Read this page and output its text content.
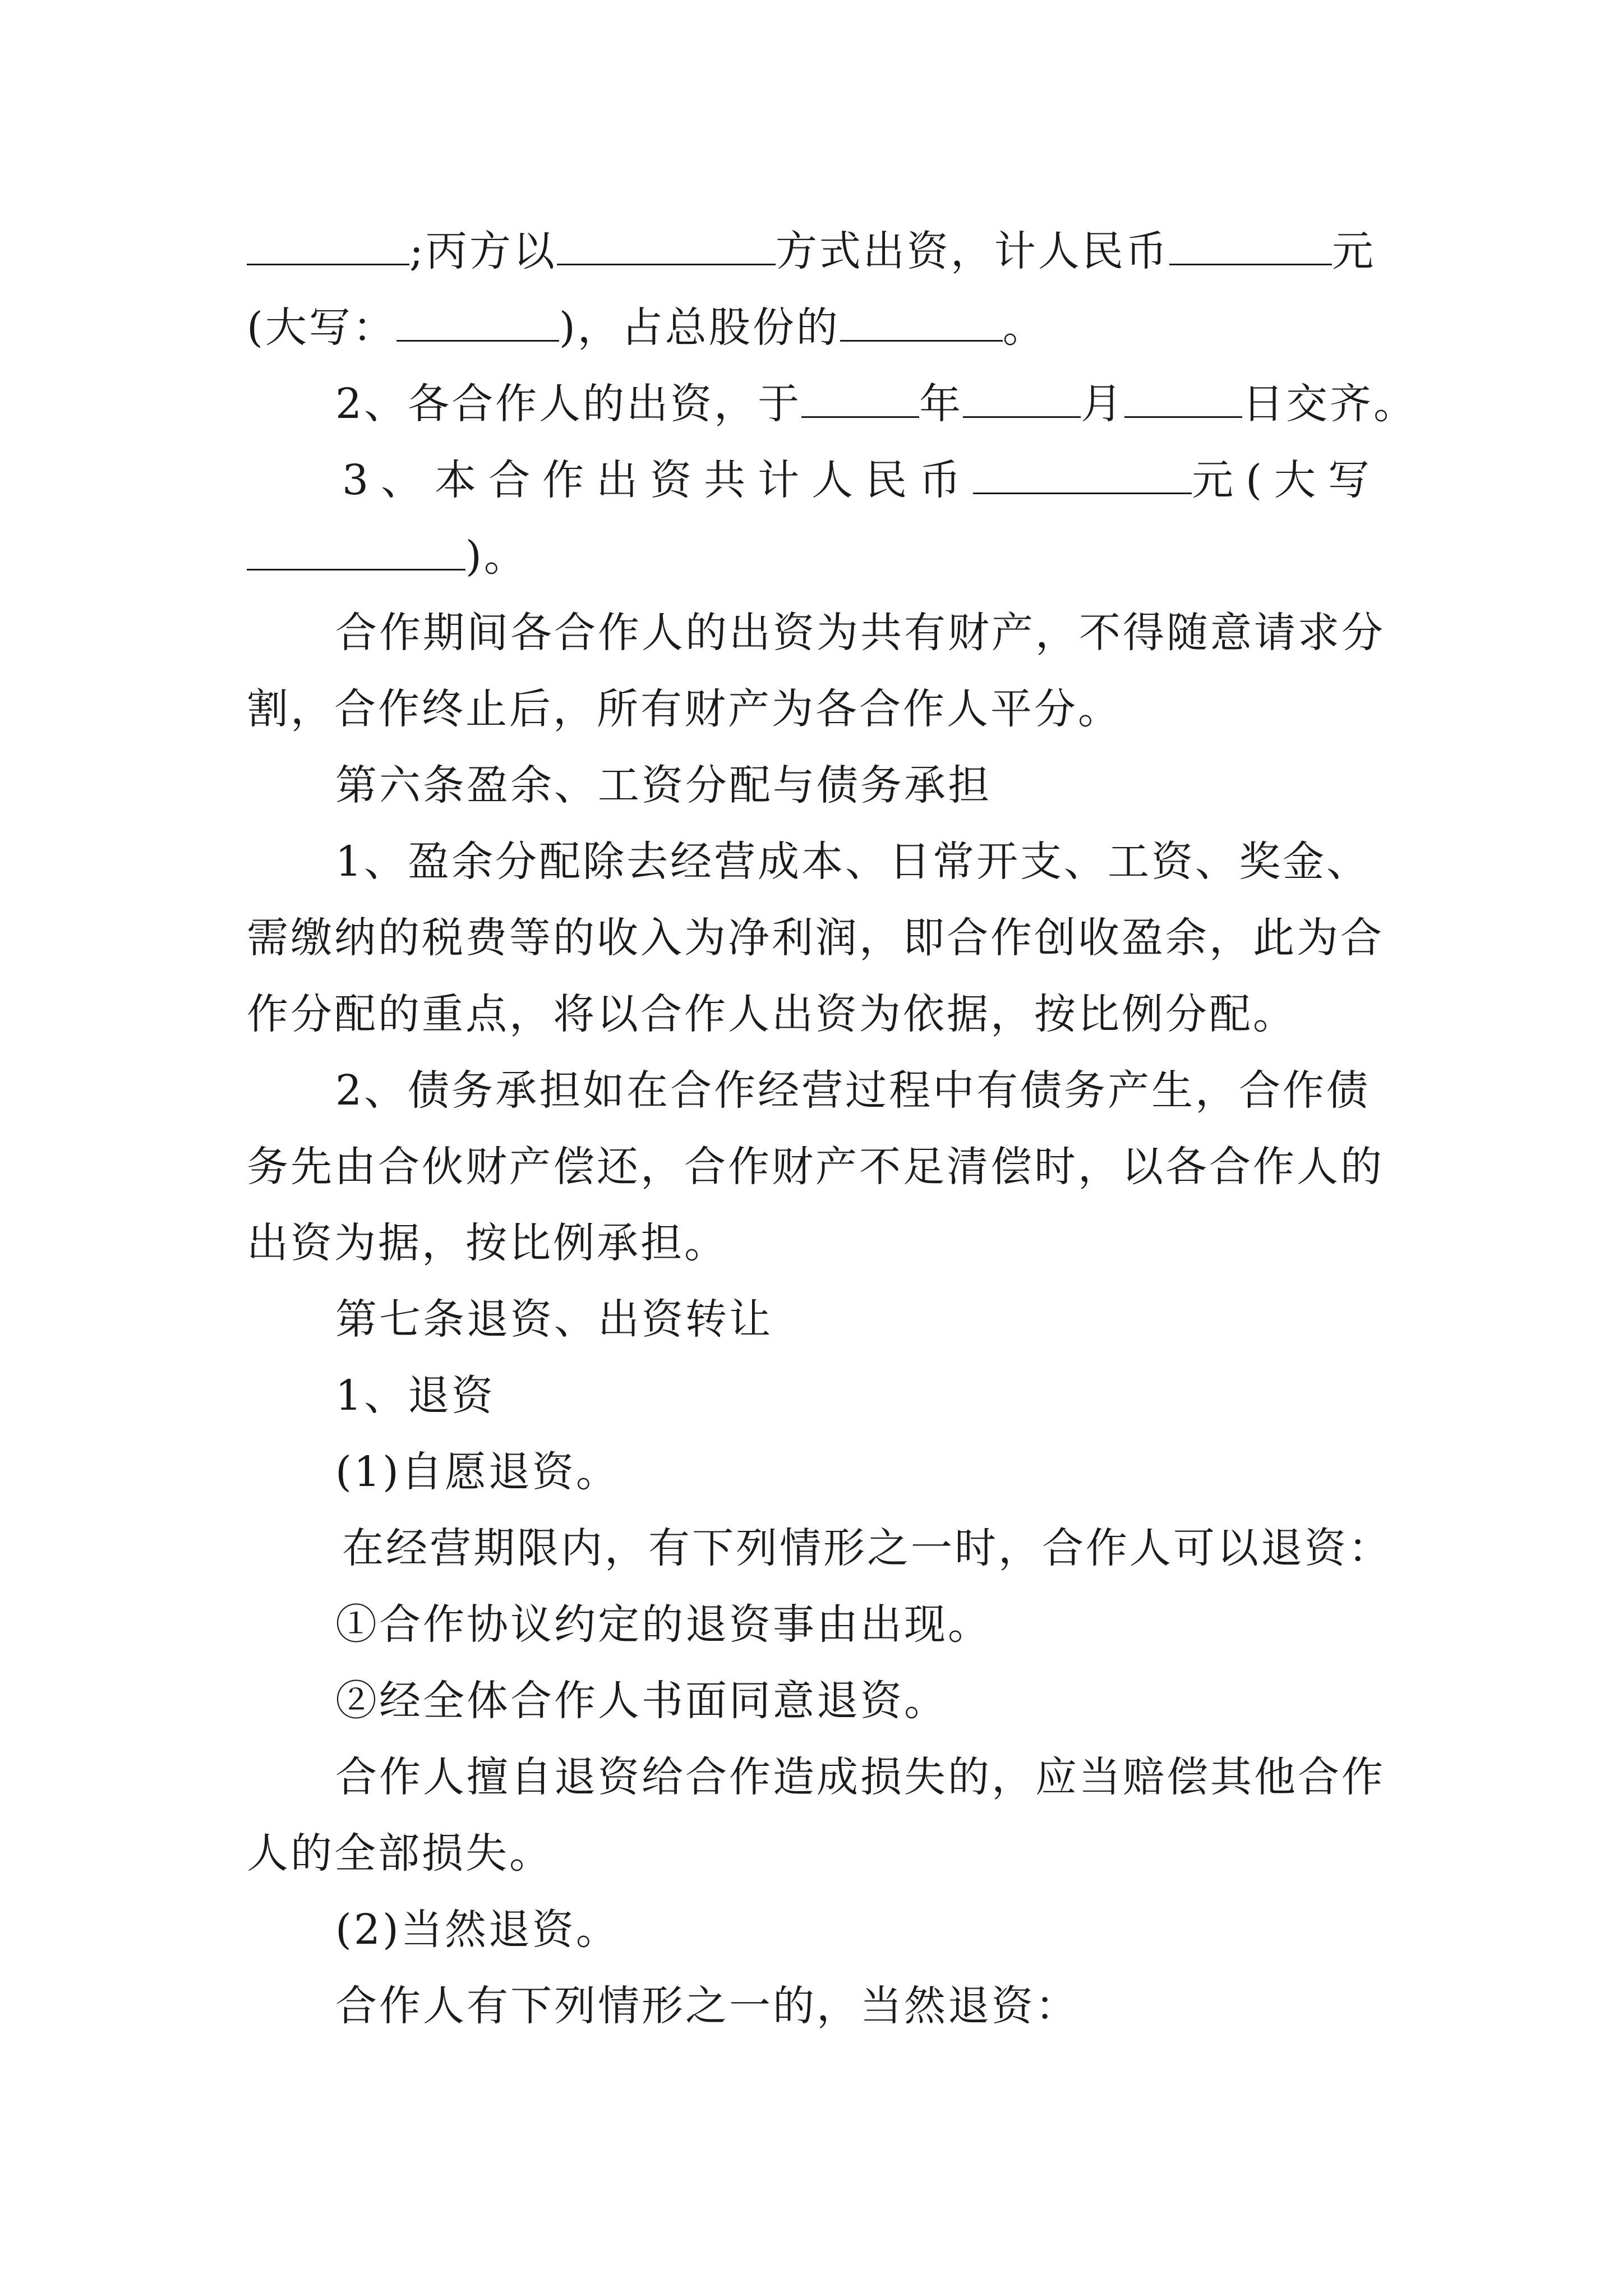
;丙方以	方式出资，计人民币	元
(大写：	)，占总股份的	。
2、各合作人的出资，于	年	月	日交齐。
3、本合作出资共计人民币	元(大写
)。
合作期间各合作人的出资为共有财产，不得随意请求分
割，合作终止后，所有财产为各合作人平分。
第六条盈余、工资分配与债务承担
1、盈余分配除去经营成本、日常开支、工资、奖金、
需缴纳的税费等的收入为净利润，即合作创收盈余，此为合
作分配的重点，将以合作人出资为依据，按比例分配。
2、债务承担如在合作经营过程中有债务产生，合作债
务先由合伙财产偿还，合作财产不足清偿时，以各合作人的
出资为据，按比例承担。
第七条退资、出资转让
1、退资
(1)自愿退资。
在经营期限内，有下列情形之一时，合作人可以退资：
①合作协议约定的退资事由出现。
②经全体合作人书面同意退资。
合作人擅自退资给合作造成损失的，应当赔偿其他合作
人的全部损失。
(2)当然退资。
合作人有下列情形之一的，当然退资：
